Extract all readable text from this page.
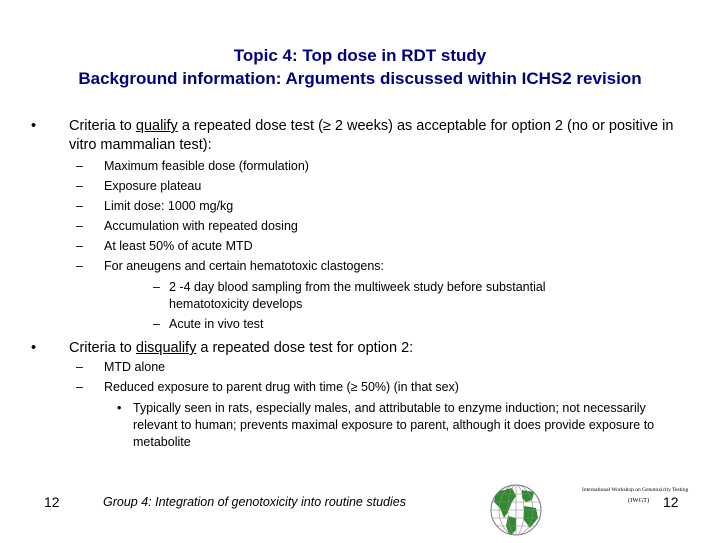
Topic 4: Top dose in RDT study
Background information: Arguments discussed within ICHS2 revision
• Criteria to qualify a repeated dose test (≥ 2 weeks) as acceptable for option 2 (no or positive in vitro mammalian test):
– Maximum feasible dose (formulation)
– Exposure plateau
– Limit dose: 1000 mg/kg
– Accumulation with repeated dosing
– At least 50% of acute MTD
– For aneugens and certain hematotoxic clastogens:
– 2 -4 day blood sampling from the multiweek study before substantial hematotoxicity develops
– Acute in vivo test
• Criteria to disqualify a repeated dose test for option 2:
– MTD alone
– Reduced exposure to parent drug with time (≥ 50%) (in that sex)
• Typically seen in rats, especially males, and attributable to enzyme induction; not necessarily relevant to human; prevents maximal exposure to parent, although it does provide exposure to metabolite
12	Group 4: Integration of genotoxicity into routine studies
International Workshop on Genotoxicity Testing
(IWGT) 12
